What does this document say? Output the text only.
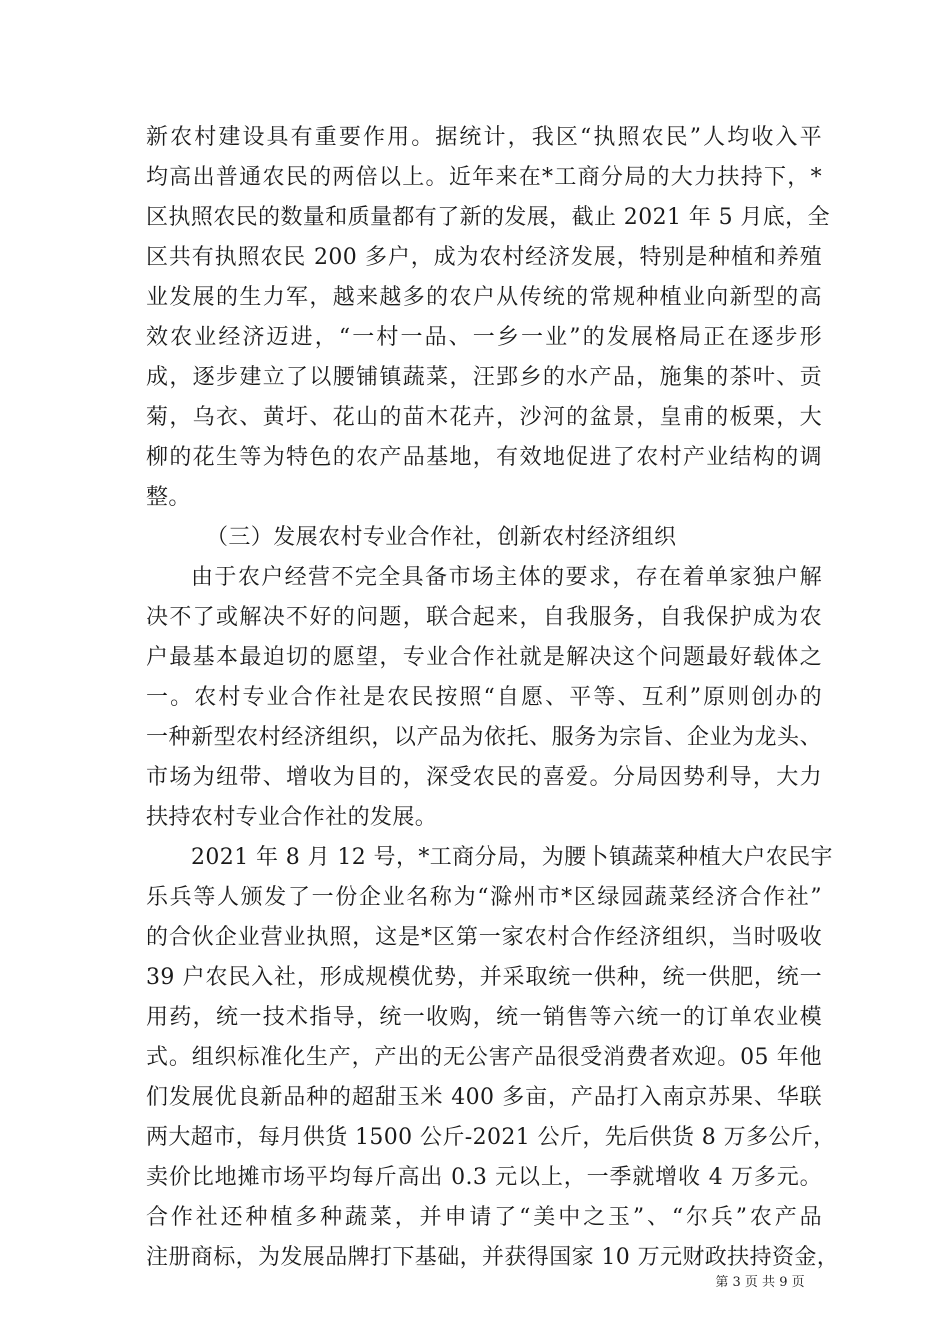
新农村建设具有重要作用。据统计，我区“执照农民”人均收入平
均高出普通农民的两倍以上。近年来在*工商分局的大力扶持下，*
区执照农民的数量和质量都有了新的发展，截止 2021 年 5 月底，全
区共有执照农民 200 多户，成为农村经济发展，特别是种植和养殖
业发展的生力军，越来越多的农户从传统的常规种植业向新型的高
效农业经济迈进，“一村一品、一乡一业”的发展格局正在逐步形
成，逐步建立了以腰铺镇蔬菜，汪郢乡的水产品，施集的茶叶、贡
菊，乌衣、黄圩、花山的苗木花卉，沙河的盆景，皇甫的板栗，大
柳的花生等为特色的农产品基地，有效地促进了农村产业结构的调
整。
（三）发展农村专业合作社，创新农村经济组织
由于农户经营不完全具备市场主体的要求，存在着单家独户解
决不了或解决不好的问题，联合起来，自我服务，自我保护成为农
户最基本最迫切的愿望，专业合作社就是解决这个问题最好载体之
一。农村专业合作社是农民按照“自愿、平等、互利”原则创办的
一种新型农村经济组织，以产品为依托、服务为宗旨、企业为龙头、
市场为纽带、增收为目的，深受农民的喜爱。分局因势利导，大力
扶持农村专业合作社的发展。
2021 年 8 月 12 号，*工商分局，为腰卜镇蔬菜种植大户农民宇
乐兵等人颁发了一份企业名称为“滁州市*区绿园蔬菜经济合作社”
的合伙企业营业执照，这是*区第一家农村合作经济组织，当时吸收
39 户农民入社，形成规模优势，并采取统一供种，统一供肥，统一
用药，统一技术指导，统一收购，统一销售等六统一的订单农业模
式。组织标准化生产，产出的无公害产品很受消费者欢迎。05 年他
们发展优良新品种的超甜玉米 400 多亩，产品打入南京苏果、华联
两大超市，每月供货 1500 公斤-2021 公斤，先后供货 8 万多公斤，
卖价比地摊市场平均每斤高出 0.3 元以上，一季就增收 4 万多元。
合作社还种植多种蔬菜，并申请了“美中之玉”、“尔兵”农产品
注册商标，为发展品牌打下基础，并获得国家 10 万元财政扶持资金，
第 3 页 共 9 页
